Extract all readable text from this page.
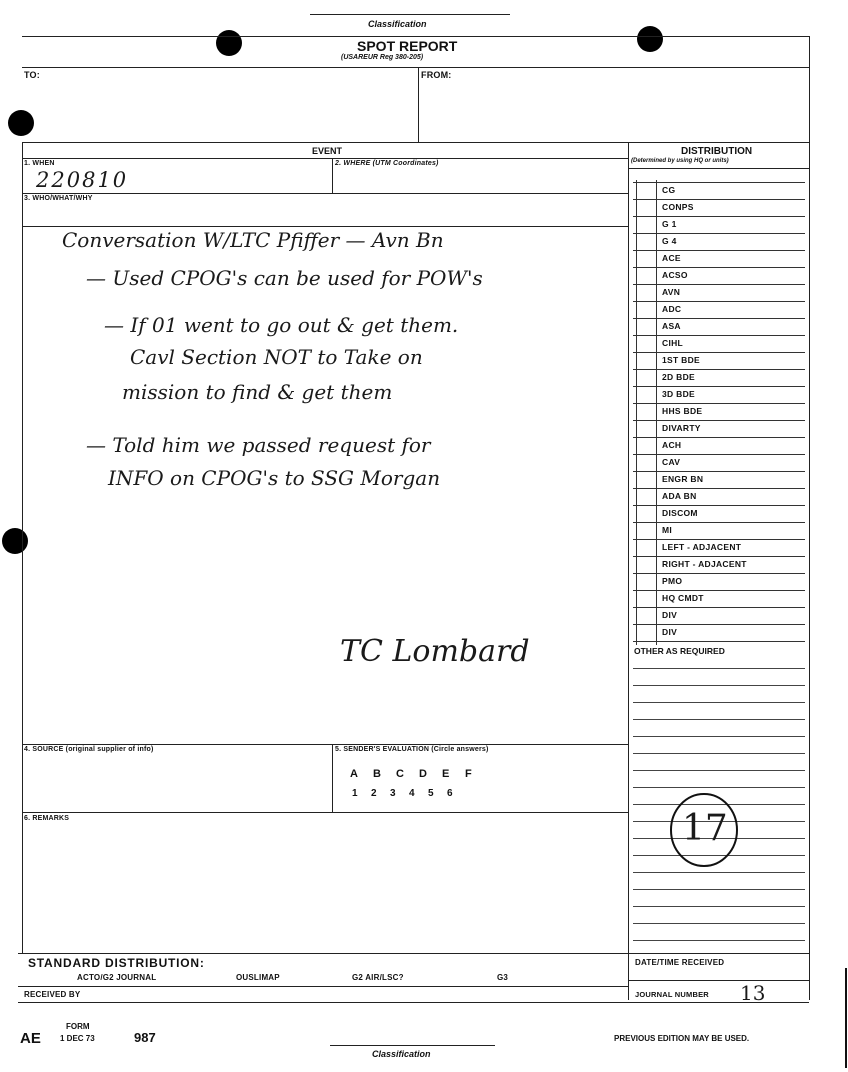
Classification
SPOT REPORT
(USAREUR Reg 380-205)
TO:	FROM:
EVENT
1. WHEN	2. WHERE (UTM Coordinates)
220810
3. WHO/WHAT/WHY
Conversation W/LTC Pfiffer — Avn Bn
— Used CPOG's can be used for POW's
— If 01 went to go out & get them.
Cavl Section NOT to Take on
mission to find & get them
— Told him we passed request for
INFO on CPOG's to SSG Morgan
TC Lombard
4. SOURCE (original supplier of info)	5. SENDER'S EVALUATION (Circle answers)
A B C D E F
1 2 3 4 5 6
6. REMARKS
STANDARD DISTRIBUTION:
ACTO/G2 JOURNAL	OUSLIMAP	G2 AIR/LSC?	G3
RECEIVED BY
DISTRIBUTION
(Determined by using HQ or units)
CG
CONPS
G 1
G 4
ACE
ACSO
AVN
ADC
ASA
CIHL
1ST BDE
2D BDE
3D BDE
HHS BDE
DIVARTY
ACH
CAV
ENGR BN
ADA BN
DISCOM
MI
LEFT - ADJACENT
RIGHT - ADJACENT
PMO
HQ CMDT
DIV
DIV
OTHER AS REQUIRED
17
DATE/TIME RECEIVED
JOURNAL NUMBER 13
AE
FORM
1 DEC 73	987	PREVIOUS EDITION MAY BE USED.
Classification
